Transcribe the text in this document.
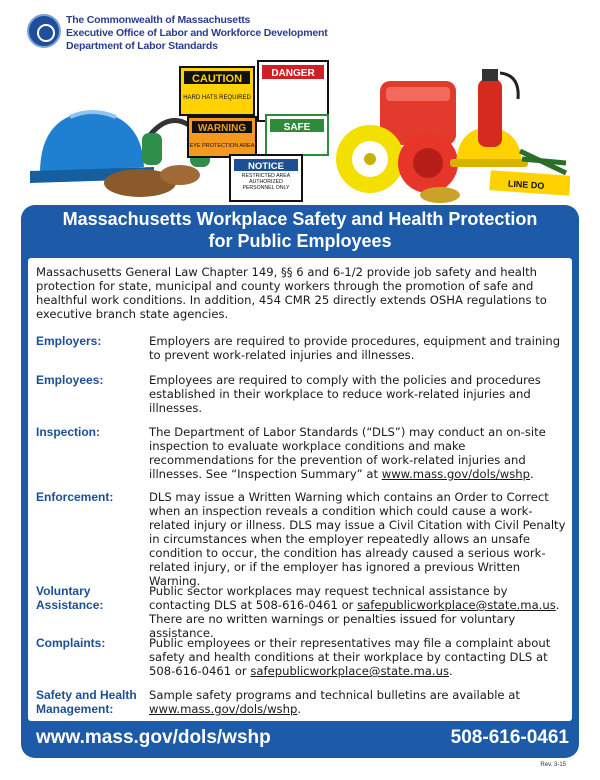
The Commonwealth of Massachusetts
Executive Office of Labor and Workforce Development
Department of Labor Standards
CAUTION
HARD HATS REQUIRED
WARNING
EYE PROTECTION AREA
DANGER
SAFE
NOTICE
RESTRICTED AREA AUTHORIZED PERSONNEL ONLY	LINE DO
Massachusetts Workplace Safety and Health Protection
for Public Employees
Massachusetts General Law Chapter 149, §§ 6 and 6-1/2 provide job safety and health protection for state, municipal and county workers through the promotion of safe and healthful work conditions. In addition, 454 CMR 25 directly extends OSHA regulations to executive branch state agencies.
Employers:	Employers are required to provide procedures, equipment and training to prevent work-related injuries and illnesses.
Employees:	Employees are required to comply with the policies and procedures established in their workplace to reduce work-related injuries and illnesses.
Inspection:	The Department of Labor Standards (“DLS”) may conduct an on-site inspection to evaluate workplace conditions and make recommendations for the prevention of work-related injuries and illnesses. See “Inspection Summary” at www.mass.gov/dols/wshp.
Enforcement:	DLS may issue a Written Warning which contains an Order to Correct when an inspection reveals a condition which could cause a work-related injury or illness. DLS may issue a Civil Citation with Civil Penalty in circumstances when the employer repeatedly allows an unsafe condition to occur, the condition has already caused a serious work-related injury, or if the employer has ignored a previous Written Warning.
Voluntary
Assistance:
Public sector workplaces may request technical assistance by contacting DLS at 508-616-0461 or safepublicworkplace@state.ma.us. There are no written warnings or penalties issued for voluntary assistance.
Complaints:	Public employees or their representatives may file a complaint about safety and health conditions at their workplace by contacting DLS at 508-616-0461 or safepublicworkplace@state.ma.us.
Safety and Health
Management:
Sample safety programs and technical bulletins are available at www.mass.gov/dols/wshp.
www.mass.gov/dols/wshp	508-616-0461
Rev. 3-15
